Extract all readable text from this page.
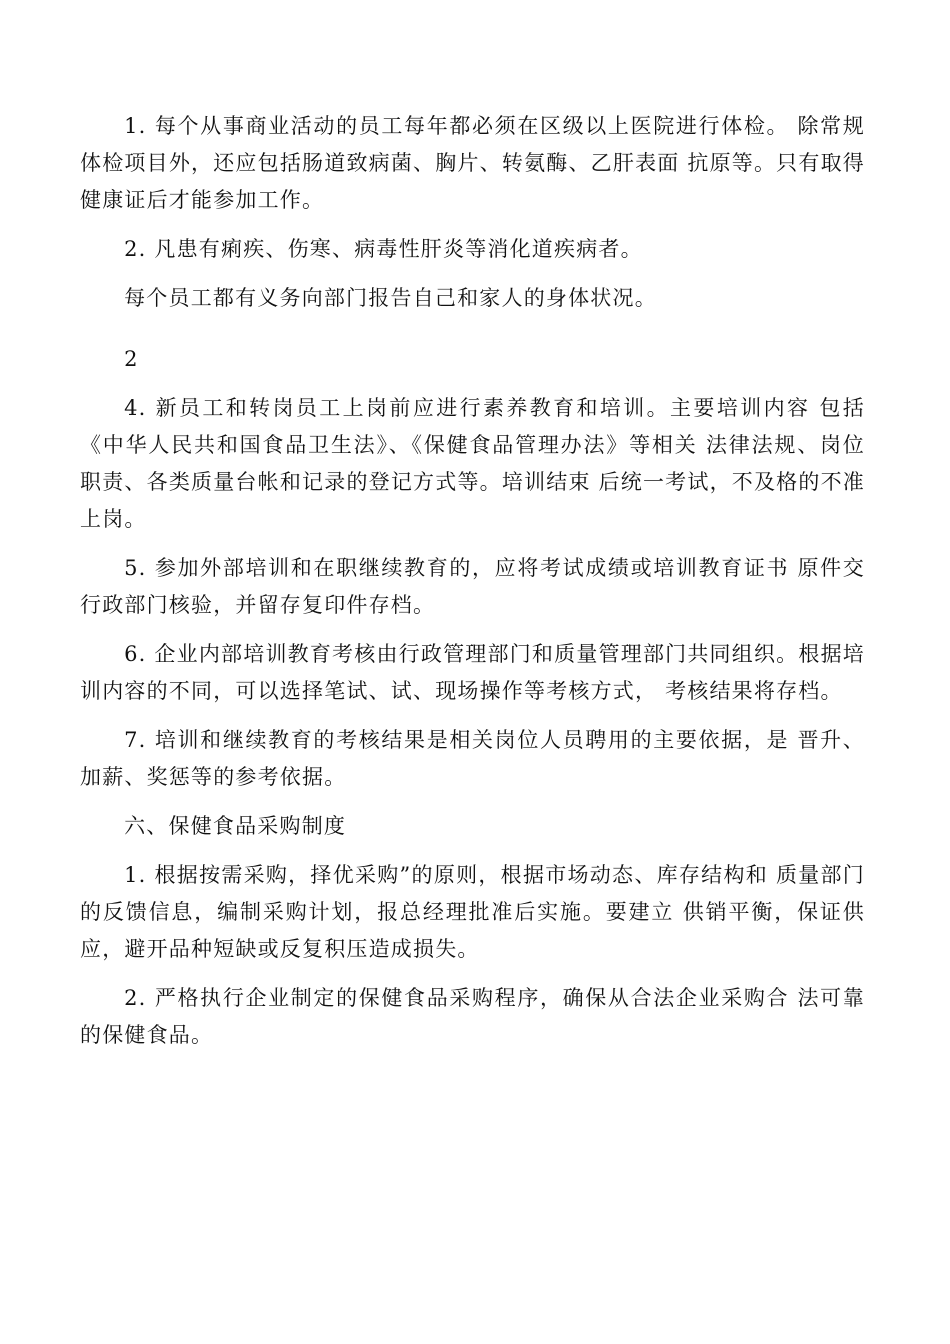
1. 每个从事商业活动的员工每年都必须在区级以上医院进行体检。 除常规体检项目外，还应包括肠道致病菌、胸片、转氨酶、乙肝表面 抗原等。只有取得健康证后才能参加工作。

2. 凡患有痢疾、伤寒、病毒性肝炎等消化道疾病者。

每个员工都有义务向部门报告自己和家人的身体状况。

2

4. 新员工和转岗员工上岗前应进行素养教育和培训。主要培训内容 包括《中华人民共和国食品卫生法》、《保健食品管理办法》等相关 法律法规、岗位职责、各类质量台帐和记录的登记方式等。培训结束 后统一考试，不及格的不准上岗。

5. 参加外部培训和在职继续教育的，应将考试成绩或培训教育证书 原件交行政部门核验，并留存复印件存档。

6. 企业内部培训教育考核由行政管理部门和质量管理部门共同组织。根据培训内容的不同，可以选择笔试、试、现场操作等考核方式， 考核结果将存档。

7. 培训和继续教育的考核结果是相关岗位人员聘用的主要依据，是 晋升、加薪、奖惩等的参考依据。

六、保健食品采购制度

1. 根据按需采购，择优采购”的原则，根据市场动态、库存结构和 质量部门的反馈信息，编制采购计划，报总经理批准后实施。要建立 供销平衡，保证供应，避开品种短缺或反复积压造成损失。

2. 严格执行企业制定的保健食品采购程序，确保从合法企业采购合 法可靠的保健食品。
